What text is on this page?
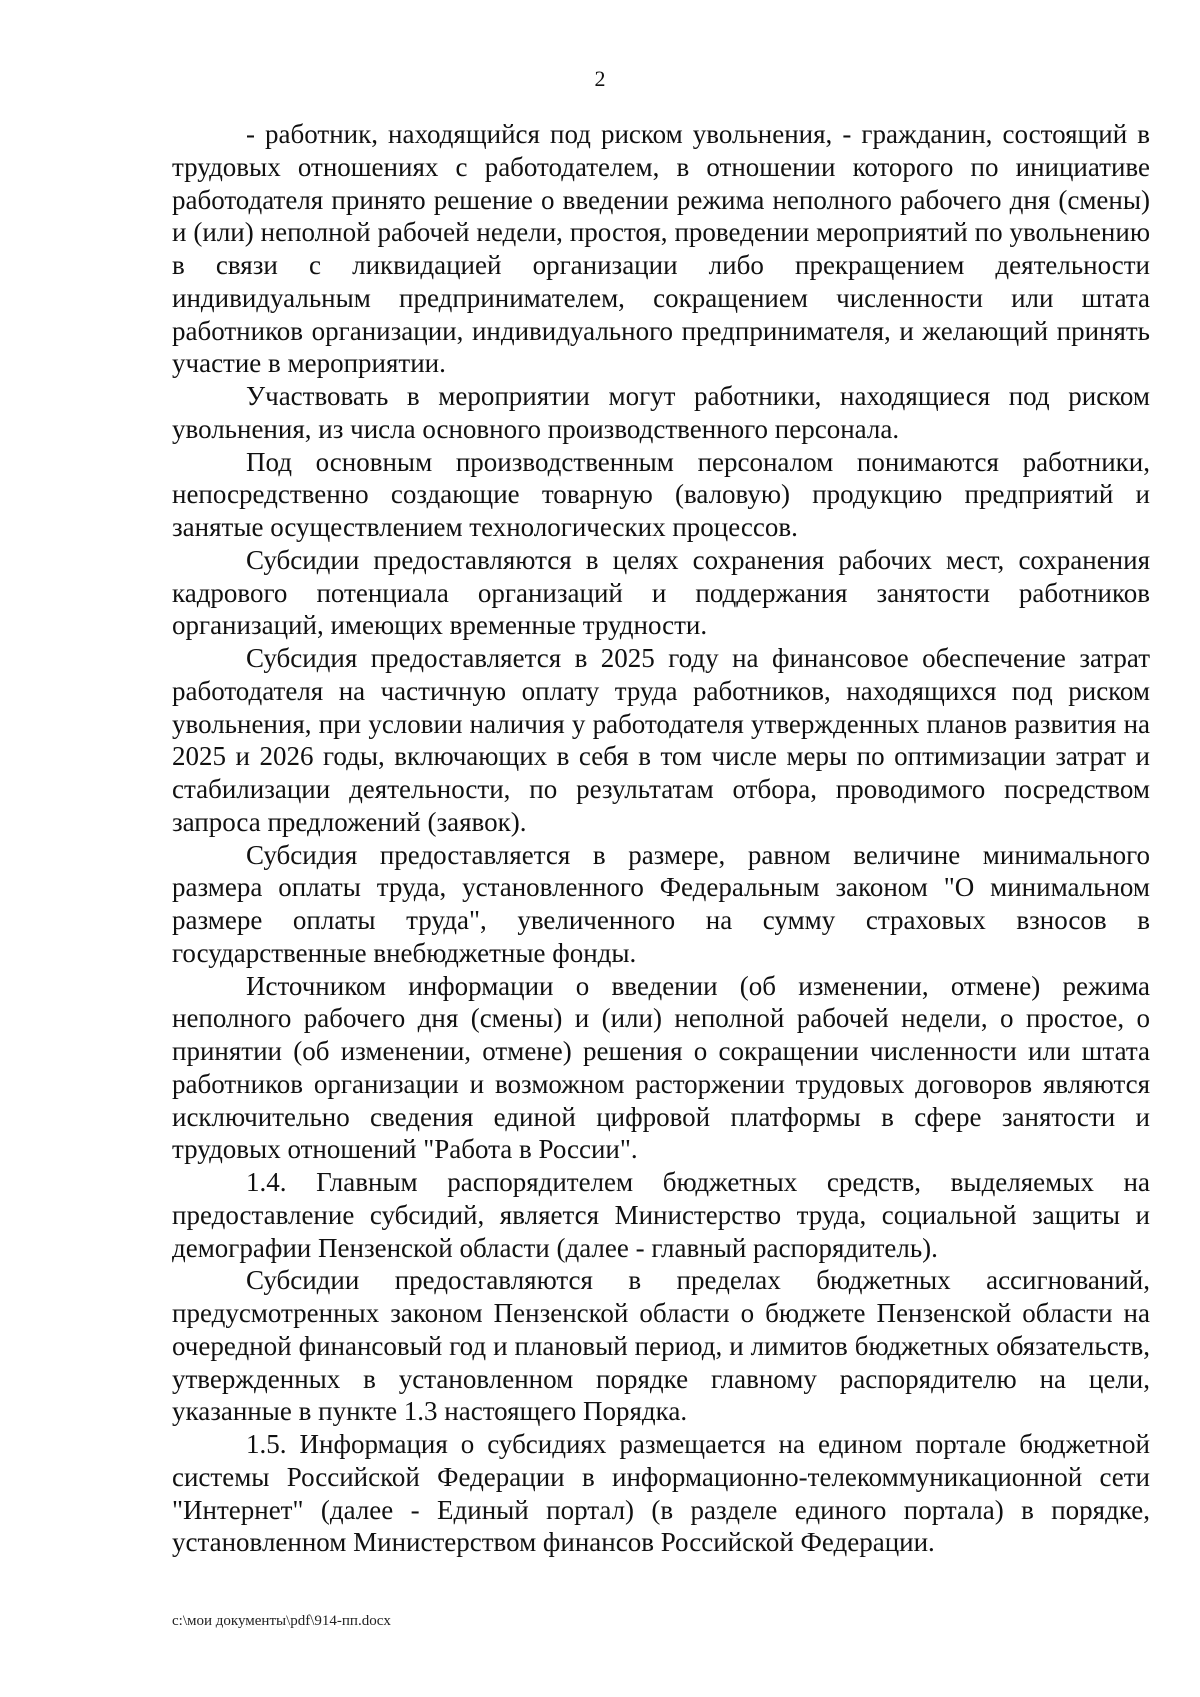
2

- работник, находящийся под риском увольнения, - гражданин, состоящий в трудовых отношениях с работодателем, в отношении которого по инициативе работодателя принято решение о введении режима неполного рабочего дня (смены) и (или) неполной рабочей недели, простоя, проведении мероприятий по увольнению в связи с ликвидацией организации либо прекращением деятельности индивидуальным предпринимателем, сокращением численности или штата работников организации, индивидуального предпринимателя, и желающий принять участие в мероприятии.

Участвовать в мероприятии могут работники, находящиеся под риском увольнения, из числа основного производственного персонала.

Под основным производственным персоналом понимаются работники, непосредственно создающие товарную (валовую) продукцию предприятий и занятые осуществлением технологических процессов.

Субсидии предоставляются в целях сохранения рабочих мест, сохранения кадрового потенциала организаций и поддержания занятости работников организаций, имеющих временные трудности.

Субсидия предоставляется в 2025 году на финансовое обеспечение затрат работодателя на частичную оплату труда работников, находящихся под риском увольнения, при условии наличия у работодателя утвержденных планов развития на 2025 и 2026 годы, включающих в себя в том числе меры по оптимизации затрат и стабилизации деятельности, по результатам отбора, проводимого посредством запроса предложений (заявок).

Субсидия предоставляется в размере, равном величине минимального размера оплаты труда, установленного Федеральным законом "О минимальном размере оплаты труда", увеличенного на сумму страховых взносов в государственные внебюджетные фонды.

Источником информации о введении (об изменении, отмене) режима неполного рабочего дня (смены) и (или) неполной рабочей недели, о простое, о принятии (об изменении, отмене) решения о сокращении численности или штата работников организации и возможном расторжении трудовых договоров являются исключительно сведения единой цифровой платформы в сфере занятости и трудовых отношений "Работа в России".

1.4. Главным распорядителем бюджетных средств, выделяемых на предоставление субсидий, является Министерство труда, социальной защиты и демографии Пензенской области (далее - главный распорядитель).

Субсидии предоставляются в пределах бюджетных ассигнований, предусмотренных законом Пензенской области о бюджете Пензенской области на очередной финансовый год и плановый период, и лимитов бюджетных обязательств, утвержденных в установленном порядке главному распорядителю на цели, указанные в пункте 1.3 настоящего Порядка.

1.5. Информация о субсидиях размещается на едином портале бюджетной системы Российской Федерации в информационно-телекоммуникационной сети "Интернет" (далее - Единый портал) (в разделе единого портала) в порядке, установленном Министерством финансов Российской Федерации.

c:\мои документы\pdf\914-пп.docx
